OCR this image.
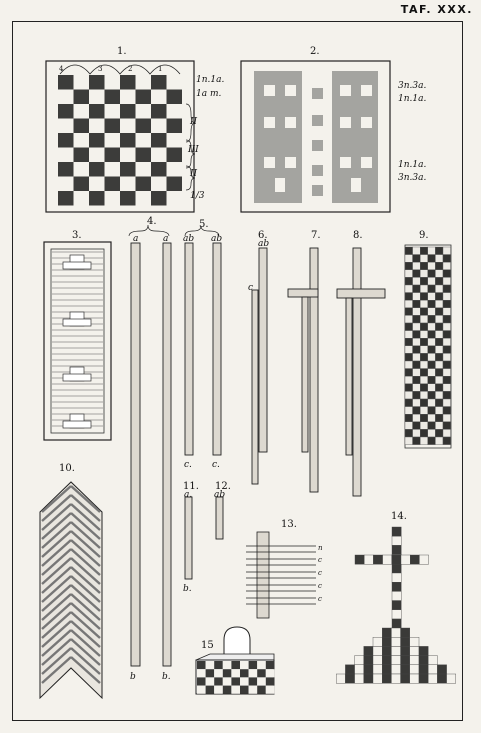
TAF. XXX.
1.	2.
3.
4.	5.
6.	7.	8.	9.
10.
11. 12.
13.
14.
15
4	3	2	1
1n.1a.
1a m.
II
III
II
1/3
3n.3a.
1n.1a.
1n.1a.
3n.3a.
a	a
b	b.
ab ab
c. c.
ab
c
a.
b.
ab
n
c
c
c
c
